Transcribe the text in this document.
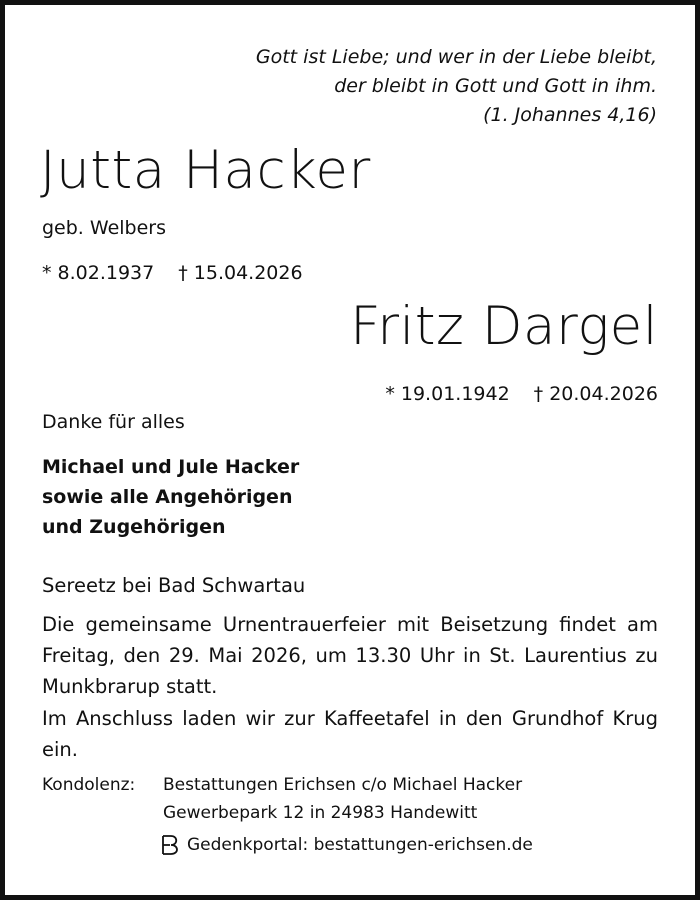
Gott ist Liebe; und wer in der Liebe bleibt,
der bleibt in Gott und Gott in ihm.
(1. Johannes 4,16)
Jutta Hacker
geb. Welbers
* 8.02.1937 † 15.04.2026
Fritz Dargel
* 19.01.1942 † 20.04.2026
Danke für alles
Michael und Jule Hacker
sowie alle Angehörigen
und Zugehörigen
Sereetz bei Bad Schwartau
Die gemeinsame Urnentrauerfeier mit Beisetzung findet am Freitag, den 29. Mai 2026, um 13.30 Uhr in St. Laurentius zu Munkbrarup statt.
Im Anschluss laden wir zur Kaffeetafel in den Grundhof Krug ein.
Kondolenz: Bestattungen Erichsen c/o Michael Hacker
Gewerbepark 12 in 24983 Handewitt
Gedenkportal: bestattungen-erichsen.de
